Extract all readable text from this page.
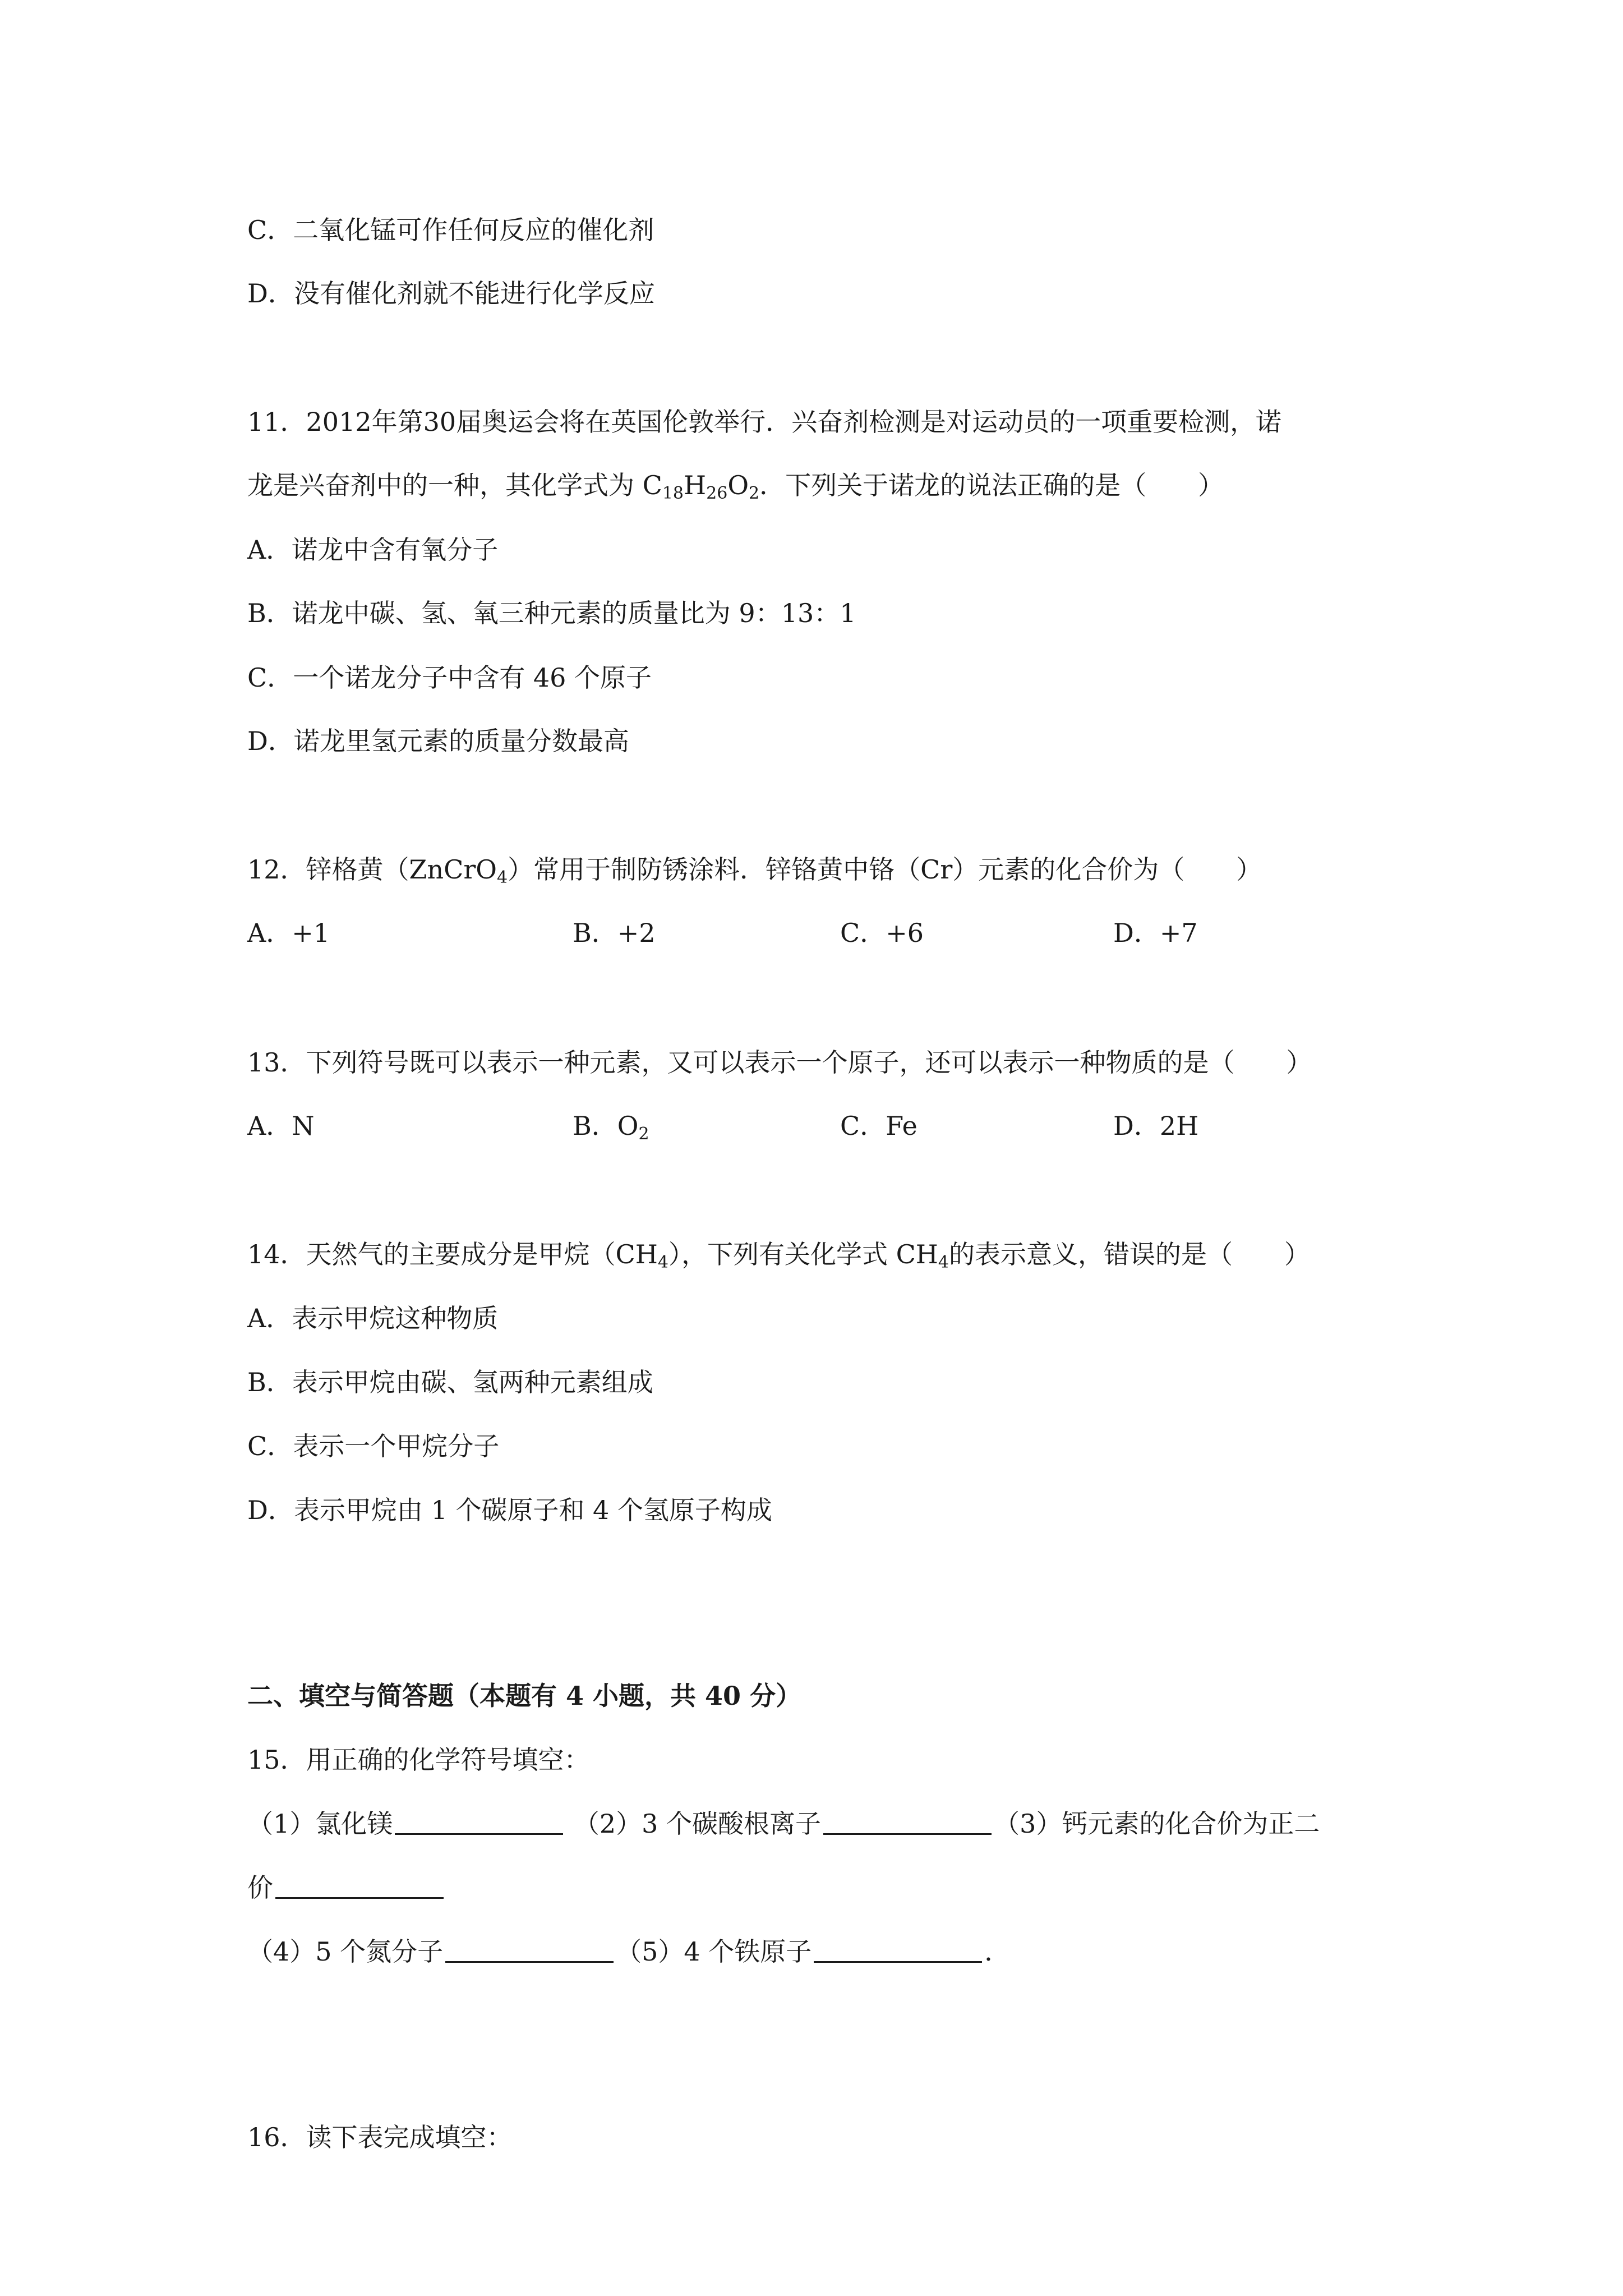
C．二氧化锰可作任何反应的催化剂
D．没有催化剂就不能进行化学反应
11．2012年第30届奥运会将在英国伦敦举行．兴奋剂检测是对运动员的一项重要检测，诺
龙是兴奋剂中的一种，其化学式为 $C_{18}H_{26}O_2$．下列关于诺龙的说法正确的是（　　）
A．诺龙中含有氧分子
B．诺龙中碳、氢、氧三种元素的质量比为 9：13：1
C．一个诺龙分子中含有 46 个原子
D．诺龙里氢元素的质量分数最高
12．锌格黄（ZnCrO$_4$）常用于制防锈涂料．锌铬黄中铬（Cr）元素的化合价为（　　）
A．+1	B．+2	C．+6	D．+7
13．下列符号既可以表示一种元素，又可以表示一个原子，还可以表示一种物质的是（　　）
A．N	B．$O_2$	C．Fe	D．2H
14．天然气的主要成分是甲烷$(CH_4)$，下列有关化学式 $CH_4$的表示意义，错误的是（　　）
A．表示甲烷这种物质
B．表示甲烷由碳、氢两种元素组成
C．表示一个甲烷分子
D．表示甲烷由 1 个碳原子和 4 个氢原子构成
二、填空与简答题（本题有 4 小题，共 40 分）
15．用正确的化学符号填空：
（1）氯化镁	（2）3 个碳酸根离子	（3）钙元素的化合价为正二
价
（4）5 个氮分子	（5）4 个铁原子	．
16．读下表完成填空：
